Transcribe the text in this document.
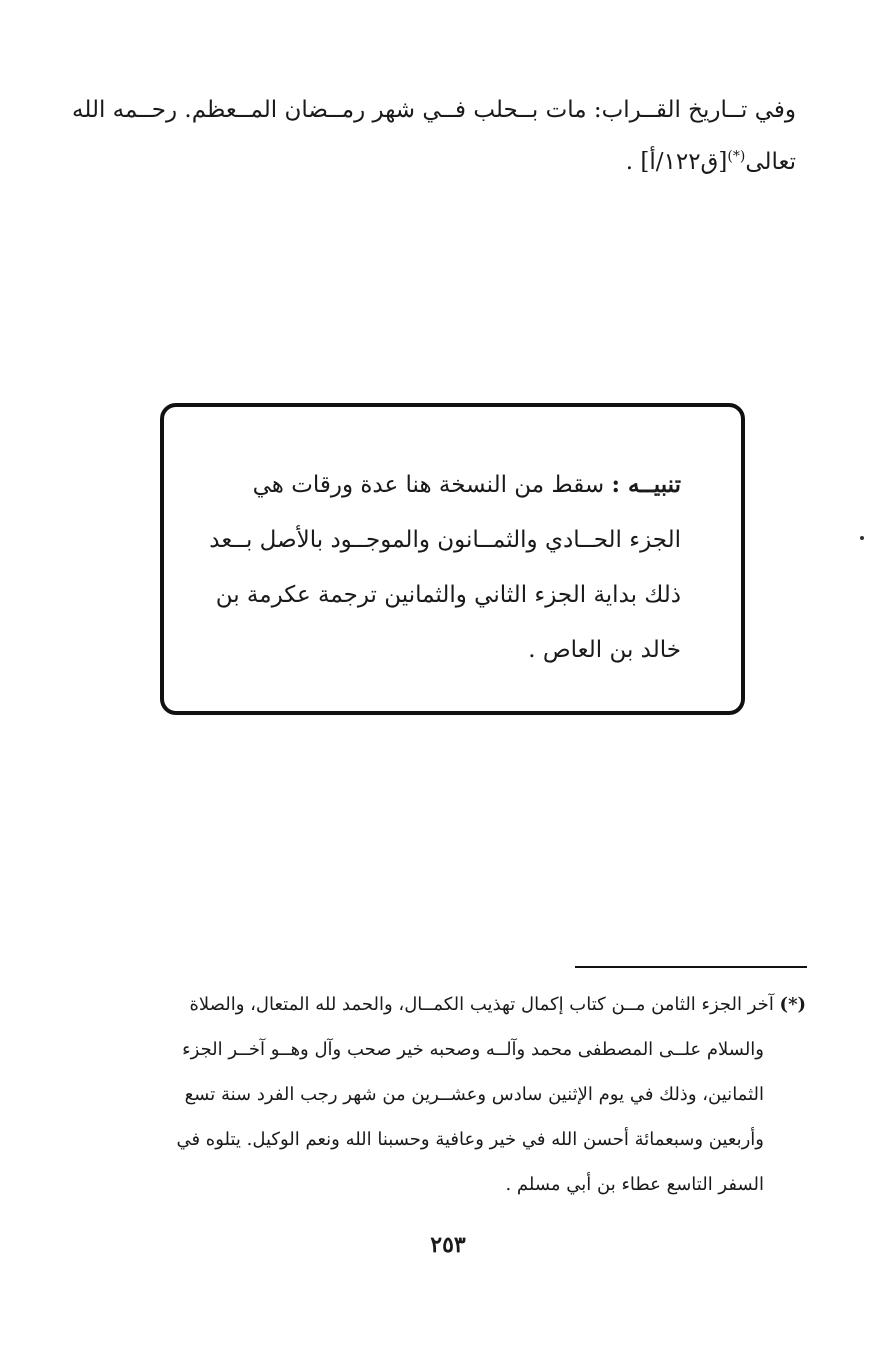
وفي تــاريخ القــراب: مات بــحلب فــي شهر رمــضان المــعظم. رحــمه الله
تعالى(*)[ق١٢٢/أ] .
تنبيــه : سقط من النسخة هنا عدة ورقات هي
الجزء الحــادي والثمــانون والموجــود بالأصل بــعد
ذلك بداية الجزء الثاني والثمانين ترجمة عكرمة بن
خالد بن العاص .
(*) آخر الجزء الثامن مــن كتاب إكمال تهذيب الكمــال، والحمد لله المتعال، والصلاة
والسلام علــى المصطفى محمد وآلــه وصحبه خير صحب وآل وهــو آخــر الجزء
الثمانين، وذلك في يوم الإثنين سادس وعشــرين من شهر رجب الفرد سنة تسع
وأربعين وسبعمائة أحسن الله في خير وعافية وحسبنا الله ونعم الوكيل. يتلوه في
السفر التاسع عطاء بن أبي مسلم .
٢٥٣
